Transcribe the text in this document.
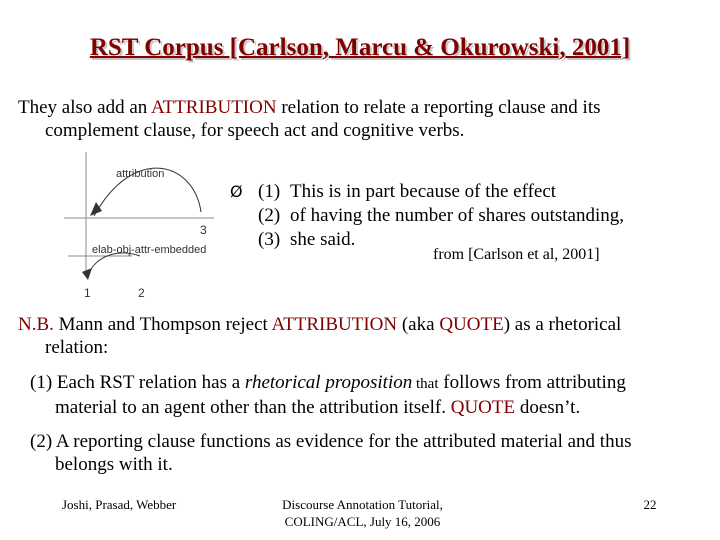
RST Corpus [Carlson, Marcu & Okurowski, 2001]
They also add an ATTRIBUTION relation to relate a reporting clause and its
complement clause, for speech act and cognitive verbs.
attribution
elab-obj-attr-embedded
3
1	2
Ø (1) This is in part because of the effect
(2) of having the number of shares outstanding,
(3) she said.
from [Carlson et al, 2001]
N.B. Mann and Thompson reject ATTRIBUTION (aka QUOTE) as a rhetorical
relation:
(1) Each RST relation has a rhetorical proposition that follows from attributing
material to an agent other than the attribution itself. QUOTE doesn’t.
(2) A reporting clause functions as evidence for the attributed material and thus
belongs with it.
Joshi, Prasad, Webber	Discourse Annotation Tutorial,
COLING/ACL, July 16, 2006
22
